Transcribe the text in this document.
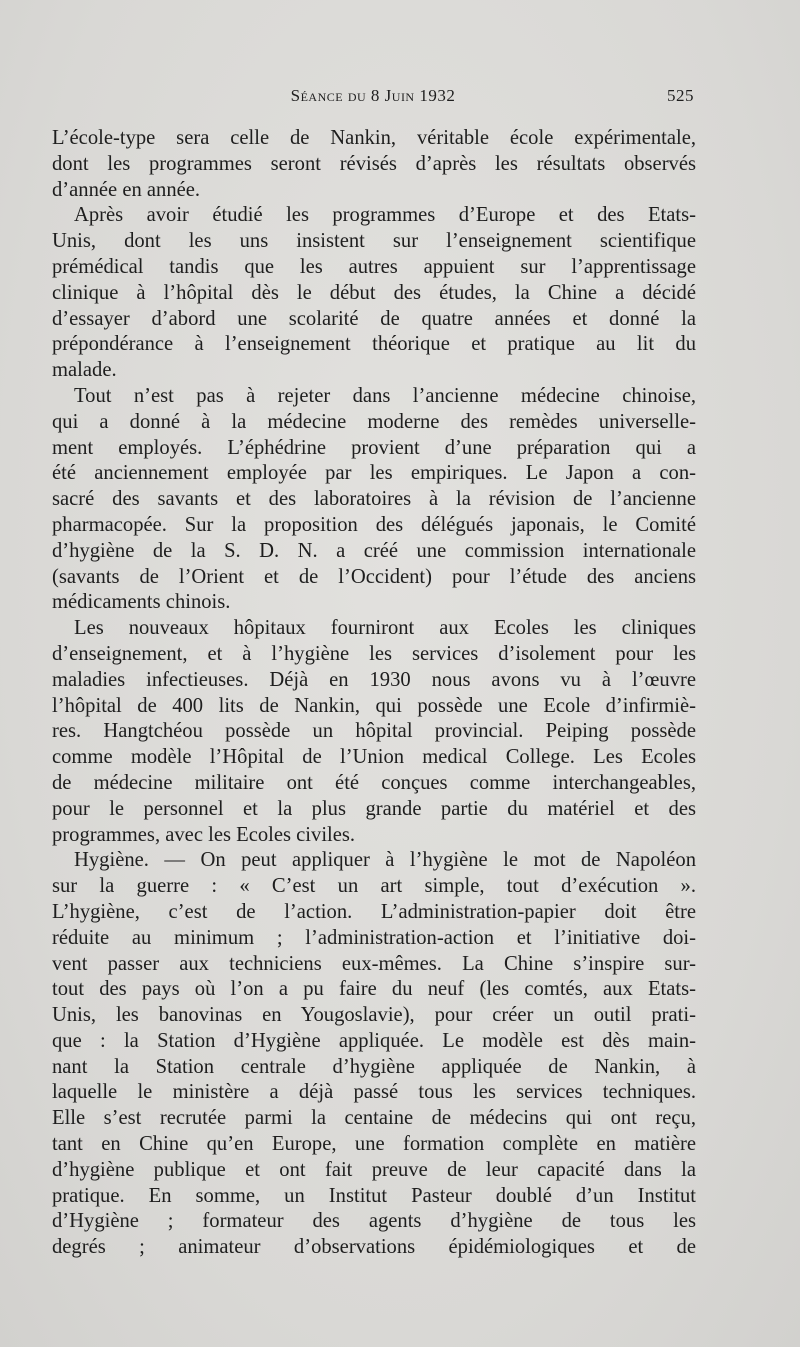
Séance du 8 Juin 1932	525
L’école-type sera celle de Nankin, véritable école expérimentale,
dont les programmes seront révisés d’après les résultats observés
d’année en année.
Après avoir étudié les programmes d’Europe et des Etats-
Unis, dont les uns insistent sur l’enseignement scientifique
prémédical tandis que les autres appuient sur l’apprentissage
clinique à l’hôpital dès le début des études, la Chine a décidé
d’essayer d’abord une scolarité de quatre années et donné la
prépondérance à l’enseignement théorique et pratique au lit du
malade.
Tout n’est pas à rejeter dans l’ancienne médecine chinoise,
qui a donné à la médecine moderne des remèdes universelle-
ment employés. L’éphédrine provient d’une préparation qui a
été anciennement employée par les empiriques. Le Japon a con-
sacré des savants et des laboratoires à la révision de l’ancienne
pharmacopée. Sur la proposition des délégués japonais, le Comité
d’hygiène de la S. D. N. a créé une commission internationale
(savants de l’Orient et de l’Occident) pour l’étude des anciens
médicaments chinois.
Les nouveaux hôpitaux fourniront aux Ecoles les cliniques
d’enseignement, et à l’hygiène les services d’isolement pour les
maladies infectieuses. Déjà en 1930 nous avons vu à l’œuvre
l’hôpital de 400 lits de Nankin, qui possède une Ecole d’infirmiè-
res. Hangtchéou possède un hôpital provincial. Peiping possède
comme modèle l’Hôpital de l’Union medical College. Les Ecoles
de médecine militaire ont été conçues comme interchangeables,
pour le personnel et la plus grande partie du matériel et des
programmes, avec les Ecoles civiles.
Hygiène. — On peut appliquer à l’hygiène le mot de Napoléon
sur la guerre : « C’est un art simple, tout d’exécution ».
L’hygiène, c’est de l’action. L’administration-papier doit être
réduite au minimum ; l’administration-action et l’initiative doi-
vent passer aux techniciens eux-mêmes. La Chine s’inspire sur-
tout des pays où l’on a pu faire du neuf (les comtés, aux Etats-
Unis, les banovinas en Yougoslavie), pour créer un outil prati-
que : la Station d’Hygiène appliquée. Le modèle est dès main-
nant la Station centrale d’hygiène appliquée de Nankin, à
laquelle le ministère a déjà passé tous les services techniques.
Elle s’est recrutée parmi la centaine de médecins qui ont reçu,
tant en Chine qu’en Europe, une formation complète en matière
d’hygiène publique et ont fait preuve de leur capacité dans la
pratique. En somme, un Institut Pasteur doublé d’un Institut
d’Hygiène ; formateur des agents d’hygiène de tous les
degrés ; animateur d’observations épidémiologiques et de
